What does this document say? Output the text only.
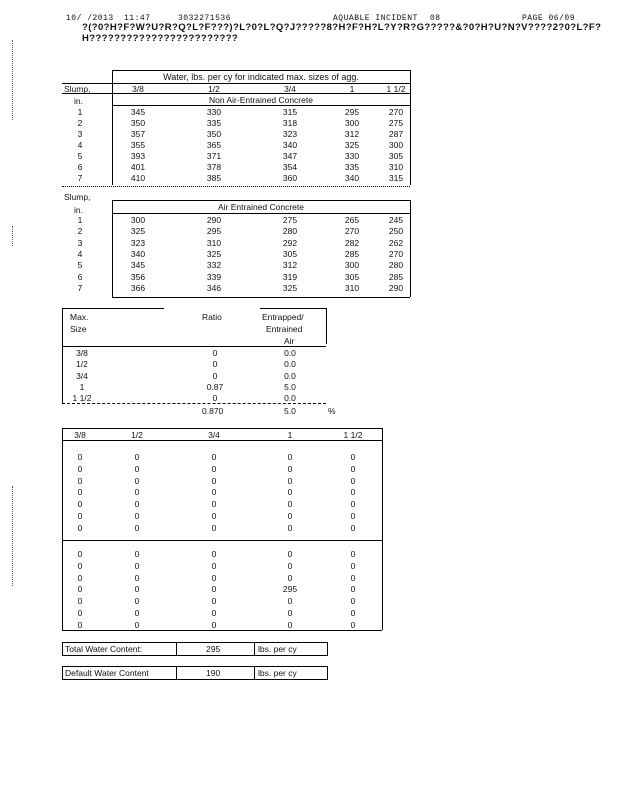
10/ /2013 11:47	3032271536	AQUABLE INCIDENT 08	PAGE 06/09
?(?0?H?F?W?U?R?Q?L?F???)?L?0?L?Q?J?????8?H?F?H?L?Y?R?G?????&?0?H?U?N?V????2?0?L?F?H????????????????????????
Water, lbs. per cy for indicated max. sizes of agg.
Slump,
in.	Non Air-Entrained Concrete
Slump,
in.	Air Entrained Concrete
Max.
Size
Ratio	Entrapped/
Entrained
Air
0.870	5.0	%
Total Water Content:	295	lbs. per cy
Default Water Content	190	lbs. per cy
3/8	1/2	3/4	1	1 1/2
1	345	330	315	295	270
2	350	335	318	300	275
3	357	350	323	312	287
4	355	365	340	325	300
5	393	371	347	330	305
6	401	378	354	335	310
7	410	385	360	340	315
1	300	290	275	265	245
2	325	295	280	270	250
3	323	310	292	282	262
4	340	325	305	285	270
5	345	332	312	300	280
6	356	339	319	305	285
7	366	346	325	310	290
3/8	0	0.0
1/2	0	0.0
3/4	0	0.0
1	0.87	5.0
1 1/2	0	0.0
3/8	1/2	3/4	1	1 1/2
0	0	0	0	0
0	0	0	0	0
0	0	0	0	0
0	0	0	0	0
0	0	0	0	0
0	0	0	0	0
0	0	0	0	0
0	0	0	0	0
0	0	0	0	0
0	0	0	0	0
0	0	0	295	0
0	0	0	0	0
0	0	0	0	0
0	0	0	0	0
